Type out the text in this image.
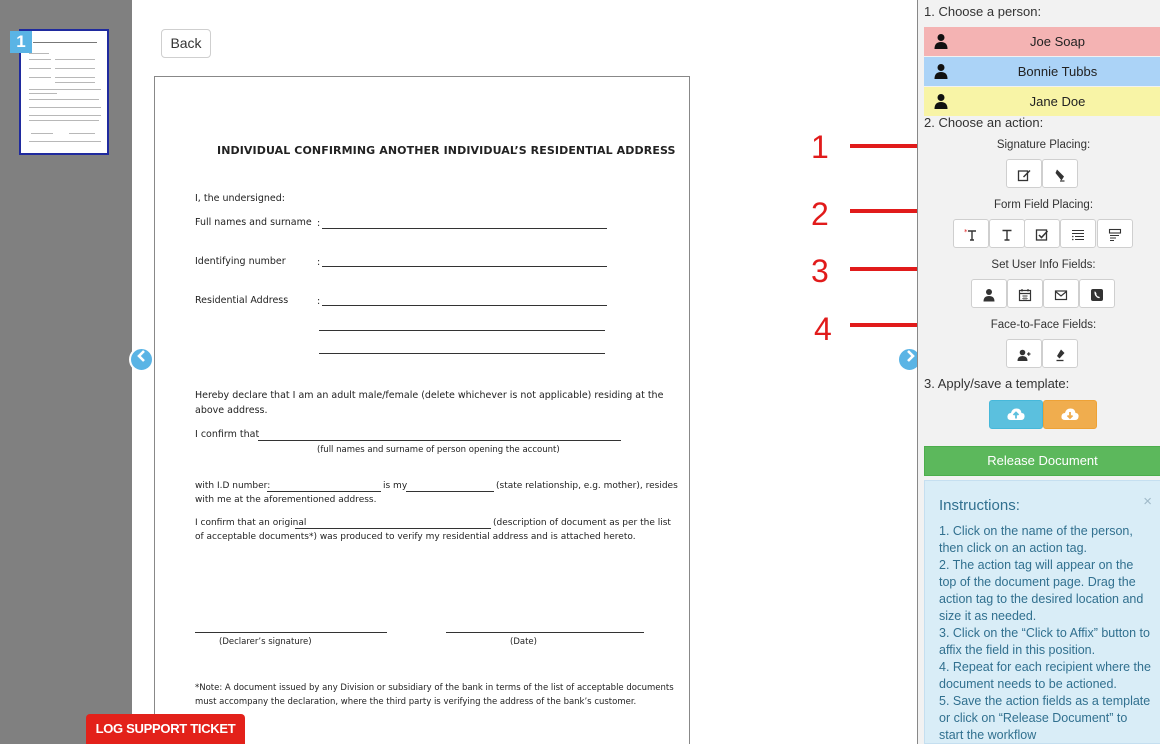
1	Back
INDIVIDUAL CONFIRMING ANOTHER INDIVIDUAL’S RESIDENTIAL ADDRESS
I, the undersigned:
Full names and surname :
Identifying number	:
Residential Address	:
Hereby declare that I am an adult male/female (delete whichever is not applicable) residing at the
above address.
I confirm that
(full names and surname of person opening the account)
with I.D number:	is my	(state relationship, e.g. mother), resides
with me at the aforementioned address.
I confirm that an original	(description of document as per the list
of acceptable documents*) was produced to verify my residential address and is attached hereto.
(Declarer’s signature)	(Date)
*Note: A document issued by any Division or subsidiary of the bank in terms of the list of acceptable documents
must accompany the declaration, where the third party is verifying the address of the bank’s customer.
1
2
3
4
1. Choose a person:
Joe Soap
Bonnie Tubbs
Jane Doe
2. Choose an action:
Signature Placing:
Form Field Placing:
*
Set User Info Fields:
Face-to-Face Fields:
3. Apply/save a template:
Release Document
Instructions:	×
1. Click on the name of the person, then click on an action tag.
2. The action tag will appear on the top of the document page. Drag the action tag to the desired location and size it as needed.
3. Click on the “Click to Affix” button to affix the field in this position.
4. Repeat for each recipient where the document needs to be actioned.
5. Save the action fields as a template or click on “Release Document” to start the workflow
LOG SUPPORT TICKET
